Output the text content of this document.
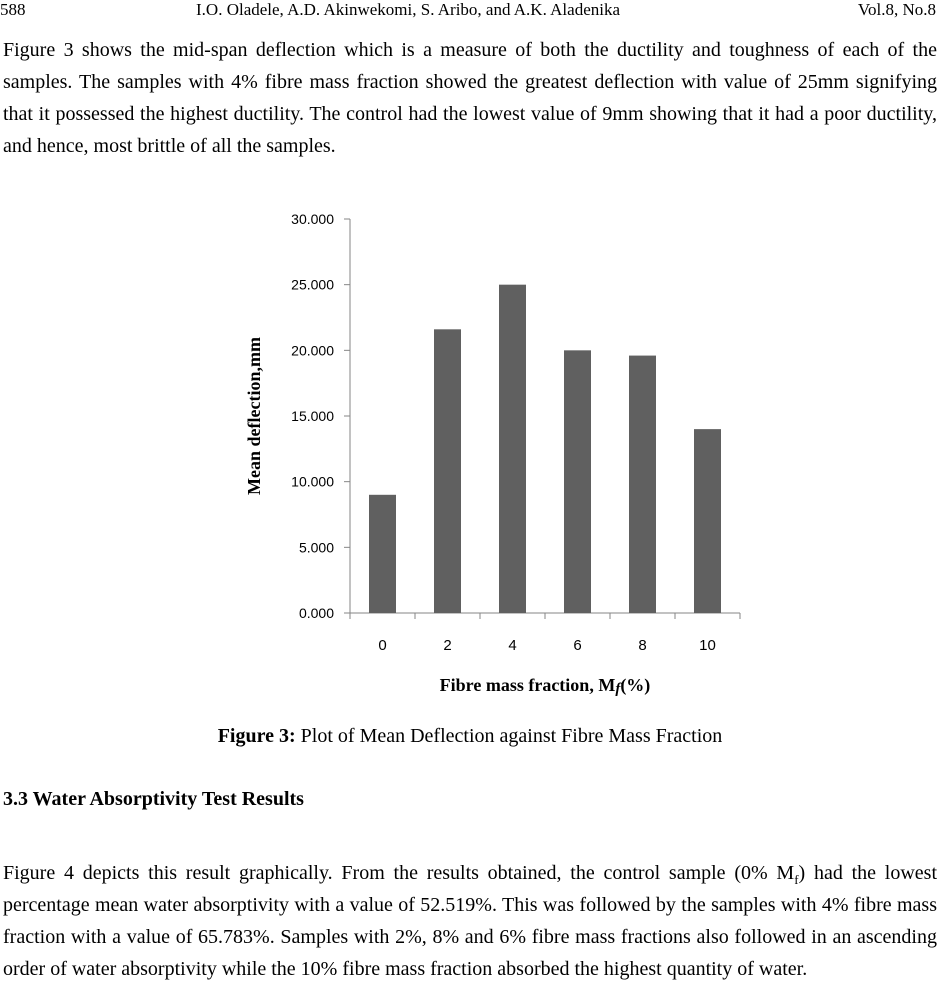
588	I.O. Oladele, A.D. Akinwekomi, S. Aribo, and A.K. Aladenika	Vol.8, No.8

Figure 3 shows the mid-span deflection which is a measure of both the ductility and toughness of each of the samples. The samples with 4% fibre mass fraction showed the greatest deflection with value of 25mm signifying that it possessed the highest ductility. The control had the lowest value of 9mm showing that it had a poor ductility, and hence, most brittle of all the samples.

0.000
5.000
10.000
15.000
20.000
25.000
30.000
0	2	4	6	8	10
Mean deflection,mm
Fibre mass fraction, Mf(%)
Figure 3: Plot of Mean Deflection against Fibre Mass Fraction
3.3 Water Absorptivity Test Results

Figure 4 depicts this result graphically. From the results obtained, the control sample (0% $M_f$) had the lowest percentage mean water absorptivity with a value of 52.519%. This was followed by the samples with 4% fibre mass fraction with a value of 65.783%. Samples with 2%, 8% and 6% fibre mass fractions also followed in an ascending order of water absorptivity while the 10% fibre mass fraction absorbed the highest quantity of water.
